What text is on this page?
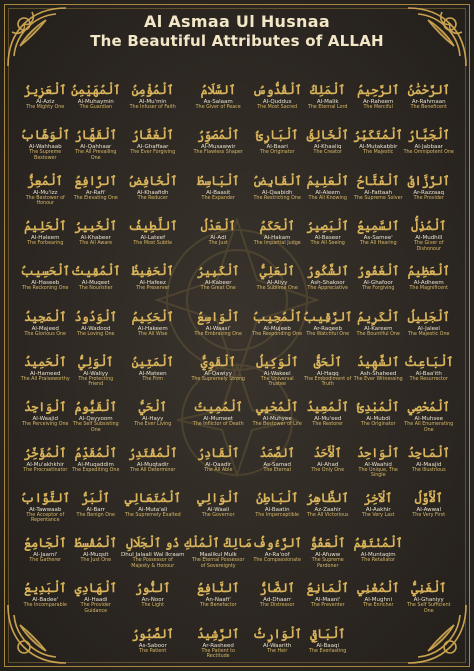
Al Asmaa Ul Husnaa
The Beautiful Attributes of ALLAH
ٱلْعَزِيزُ
Al-Aziz
The Mighty One
ٱلْمُهَيْمِنُ
Al-Muhaymin
The Guardian
ٱلْمُؤْمِنُ
Al-Mu'min
The Infuser of Faith
ٱلسَّلَامُ
As-Salaam
The Giver of Peace
ٱلْقُدُّوسُ
Al-Quddus
The Most Sacred
ٱلْمَلِكُ
Al-Malik
The Eternal Lord
ٱلرَّحِيمُ
Ar-Raheem
The Merciful
ٱلرَّحْمَٰنُ
Ar-Rahmaan
The Beneficent
ٱلْوَهَّابُ
Al-Wahhaab
The Supreme Bestower
ٱلْقَهَّارُ
Al-Qahhaar
The All Prevailing One
ٱلْغَفَّارُ
Al-Ghaffaar
The Ever Forgiving
ٱلْمُصَوِّرُ
Al-Musawwir
The Flawless Shaper
ٱلْبَارِئُ
Al-Baari
The Originator
ٱلْخَالِقُ
Al-Khaaliq
The Creator
ٱلْمُتَكَبِّرُ
Al-Mutakabbir
The Majestic
ٱلْجَبَّارُ
Al-Jabbaar
The Omnipotent One
ٱلْمُعِزُّ
Al-Mu'izz
The Bestower of Honour
ٱلرَّافِعُ
Ar-Rafi'
The Elevating One
ٱلْخَافِضُ
Al-Khaafidh
The Reducer
ٱلْبَاسِطُ
Al-Baasit
The Expander
ٱلْقَابِضُ
Al-Qaabidh
The Restricting One
ٱلْعَلِيمُ
Al-Aleem
The All Knowing
ٱلْفَتَّاحُ
Al-Fattaah
The Supreme Solver
ٱلرَّزَّاقُ
Ar-Razzaaq
The Provider
ٱلْحَلِيمُ
Al-Haleem
The Forbearing
ٱلْخَبِيرُ
Al-Khabeer
The All Aware
ٱللَّطِيفُ
Al-Lateef
The Most Subtle
ٱلْعَدْلُ
Al-Adl
The Just
ٱلْحَكَمُ
Al-Hakam
The Impartial Judge
ٱلْبَصِيرُ
Al-Baseer
The All Seeing
ٱلسَّمِيعُ
As-Samee'
The All Hearing
ٱلْمُذِلُّ
Al-Mudhill
The Giver of Dishonour
ٱلْحَسِيبُ
Al-Haseeb
The Reckoning One
ٱلْمُقِيتُ
Al-Muqeet
The Nourisher
ٱلْحَفِيظُ
Al-Hafeez
The Preserver
ٱلْكَبِيرُ
Al-Kabeer
The Great One
ٱلْعَلِيُّ
Al-Aliyy
The Sublime One
ٱلشَّكُورُ
Ash-Shakoor
The Appreciative
ٱلْغَفُورُ
Al-Ghafoor
The Forgiving
ٱلْعَظِيمُ
Al-Adheem
The Magnificent
ٱلْمَجِيدُ
Al-Majeed
The Glorious One
ٱلْوَدُودُ
Al-Wadood
The Loving One
ٱلْحَكِيمُ
Al-Hakeem
The All Wise
ٱلْوَاسِعُ
Al-Waasi'
The Embracing One
ٱلْمُجِيبُ
Al-Mujeeb
The Responding One
ٱلرَّقِيبُ
Ar-Raqeeb
The Watchful One
ٱلْكَرِيمُ
Al-Kareem
The Bountiful One
ٱلْجَلِيلُ
Al-Jaleel
The Majestic One
ٱلْحَمِيدُ
Al-Hameed
The All Praiseworthy
ٱلْوَلِيُّ
Al-Waliyy
The Protecting Friend
ٱلْمَتِينُ
Al-Mateen
The Firm
ٱلْقَوِيُّ
Al-Qawiyy
The Supremely Strong
ٱلْوَكِيلُ
Al-Wakeel
The Universal Trustee
ٱلْحَقُّ
Al-Haqq
The Embodiment of Truth
ٱلشَّهِيدُ
Ash-Shaheed
The Ever Witnessing
ٱلْبَاعِثُ
Al-Baa'ith
The Resurrector
ٱلْوَاجِدُ
Al-Waajid
The Perceiving One
ٱلْقَيُّومُ
Al-Qayyoom
The Self Subsisting One
ٱلْحَيُّ
Al-Hayy
The Ever Living
ٱلْمُمِيتُ
Al-Mumeet
The Inflictor of Death
ٱلْمُحْيِي
Al-Muhyee
The Bestower of Life
ٱلْمُعِيدُ
Al-Mu'eed
The Restorer
ٱلْمُبْدِئُ
Al-Mubdi
The Originator
ٱلْمُحْصِي
Al-Muhsee
The All Enumerating One
ٱلْمُؤَخِّرُ
Al-Mu'akhkhir
The Procrastinator
ٱلْمُقَدِّمُ
Al-Muqaddim
The Expediting One
ٱلْمُقْتَدِرُ
Al-Muqtadir
The All Determiner
ٱلْقَادِرُ
Al-Qaadir
The All Able
ٱلصَّمَدُ
As-Samad
The Eternal
ٱلْأَحَدُ
Al-Ahad
The Only One
ٱلْوَاحِدُ
Al-Waahid
The Unique, The Single
ٱلْمَاجِدُ
Al-Maajid
The Illustrious
ٱلتَّوَّابُ
At-Tawwaab
The Acceptor of Repentance
ٱلْبَرُّ
Al-Barr
The Benign One
ٱلْمُتَعَالِي
Al-Muta'ali
The Supremely Exalted
ٱلْوَالِي
Al-Waali
The Governor
ٱلْبَاطِنُ
Al-Baatin
The Imperceptible
ٱلظَّاهِرُ
Az-Zaahir
The All Victorious
ٱلْآخِرُ
Al-Aakhir
The Very Last
ٱلْأَوَّلُ
Al-Awwal
The Very First
ٱلْجَامِعُ
Al-Jaami'
The Gatherer
ٱلْمُقْسِطُ
Al-Muqsit
The Just One
ذُو ٱلْجَلَالِ
Dhul Jalaali Wal Ikraam
The Possessor of Majesty & Honour
مَالِكُ ٱلْمُلْكِ
Maalikul Mulk
The Eternal Possessor of Sovereignty
ٱلرَّءُوفُ
Ar-Ra'oof
The Compassionate
ٱلْعَفُوُّ
Al-Afuww
The Supreme Pardoner
ٱلْمُنْتَقِمُ
Al-Muntaqim
The Retaliator
ٱلْبَدِيعُ
Al-Badee'
The Incomparable
ٱلْهَادِي
Al-Haadi
The Provider Guidance
ٱلنُّورُ
An-Noor
The Light
ٱلنَّافِعُ
An-Naafi'
The Benefactor
ٱلضَّارُّ
Ad-Dhaarr
The Distressor
ٱلْمَانِعُ
Al-Maani'
The Preventer
ٱلْمُغْنِي
Al-Mughni
The Enricher
ٱلْغَنِيُّ
Al-Ghaniyy
The Self Sufficient One
ٱلصَّبُورُ
As-Saboor
The Patient
ٱلرَّشِيدُ
Ar-Rasheed
The Patient to Rectitude
ٱلْوَارِثُ
Al-Waarith
The Heir
ٱلْبَاقِي
Al-Baaqi
The Everlasting
